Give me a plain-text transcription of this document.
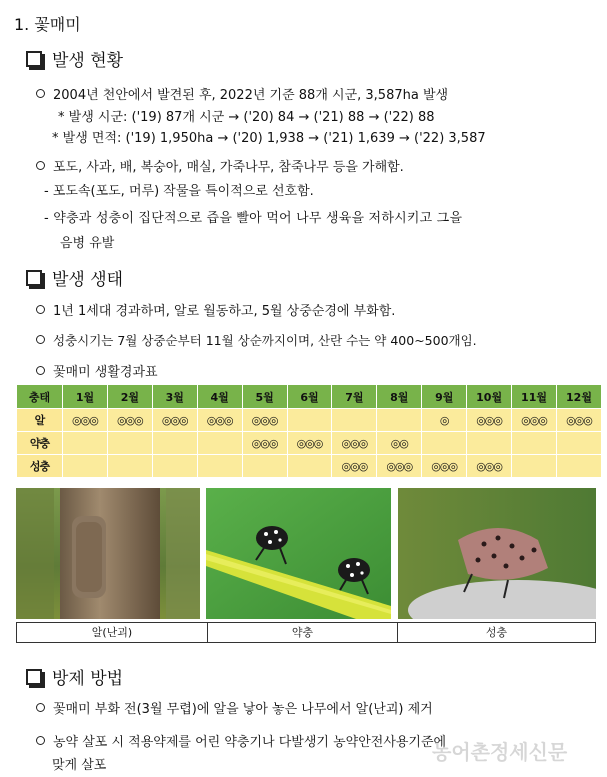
1. 꽃매미
발생 현황
2004년 천안에서 발견된 후, 2022년 기준 88개 시군, 3,587ha 발생
* 발생 시군: ('19) 87개 시군 → ('20) 84 → ('21) 88 → ('22) 88
* 발생 면적: ('19) 1,950ha → ('20) 1,938 → ('21) 1,639 → ('22) 3,587
포도, 사과, 배, 복숭아, 매실, 가죽나무, 참죽나무 등을 가해함.
- 포도속(포도, 머루) 작물을 특이적으로 선호함.
- 약충과 성충이 집단적으로 즙을 빨아 먹어 나무 생육을 저하시키고 그을
음병 유발
발생 생태
1년 1세대 경과하며, 알로 월동하고, 5월 상중순경에 부화함.
성충시기는 7월 상중순부터 11월 상순까지이며, 산란 수는 약 400~500개임.
꽃매미 생활경과표
충태	1월	2월	3월	4월	5월	6월	7월	8월	9월	10월	11월	12월
알	◎◎◎	◎◎◎	◎◎◎	◎◎◎	◎◎◎				◎	◎◎◎	◎◎◎	◎◎◎
약충					◎◎◎	◎◎◎	◎◎◎	◎◎				
성충							◎◎◎	◎◎◎	◎◎◎	◎◎◎		
알(난괴)	약충	성충
방제 방법
꽃매미 부화 전(3월 무렵)에 알을 낳아 놓은 나무에서 알(난괴) 제거
농약 살포 시 적용약제를 어린 약충기나 다발생기 농약안전사용기준에
맞게 살포
농어촌정세신문
